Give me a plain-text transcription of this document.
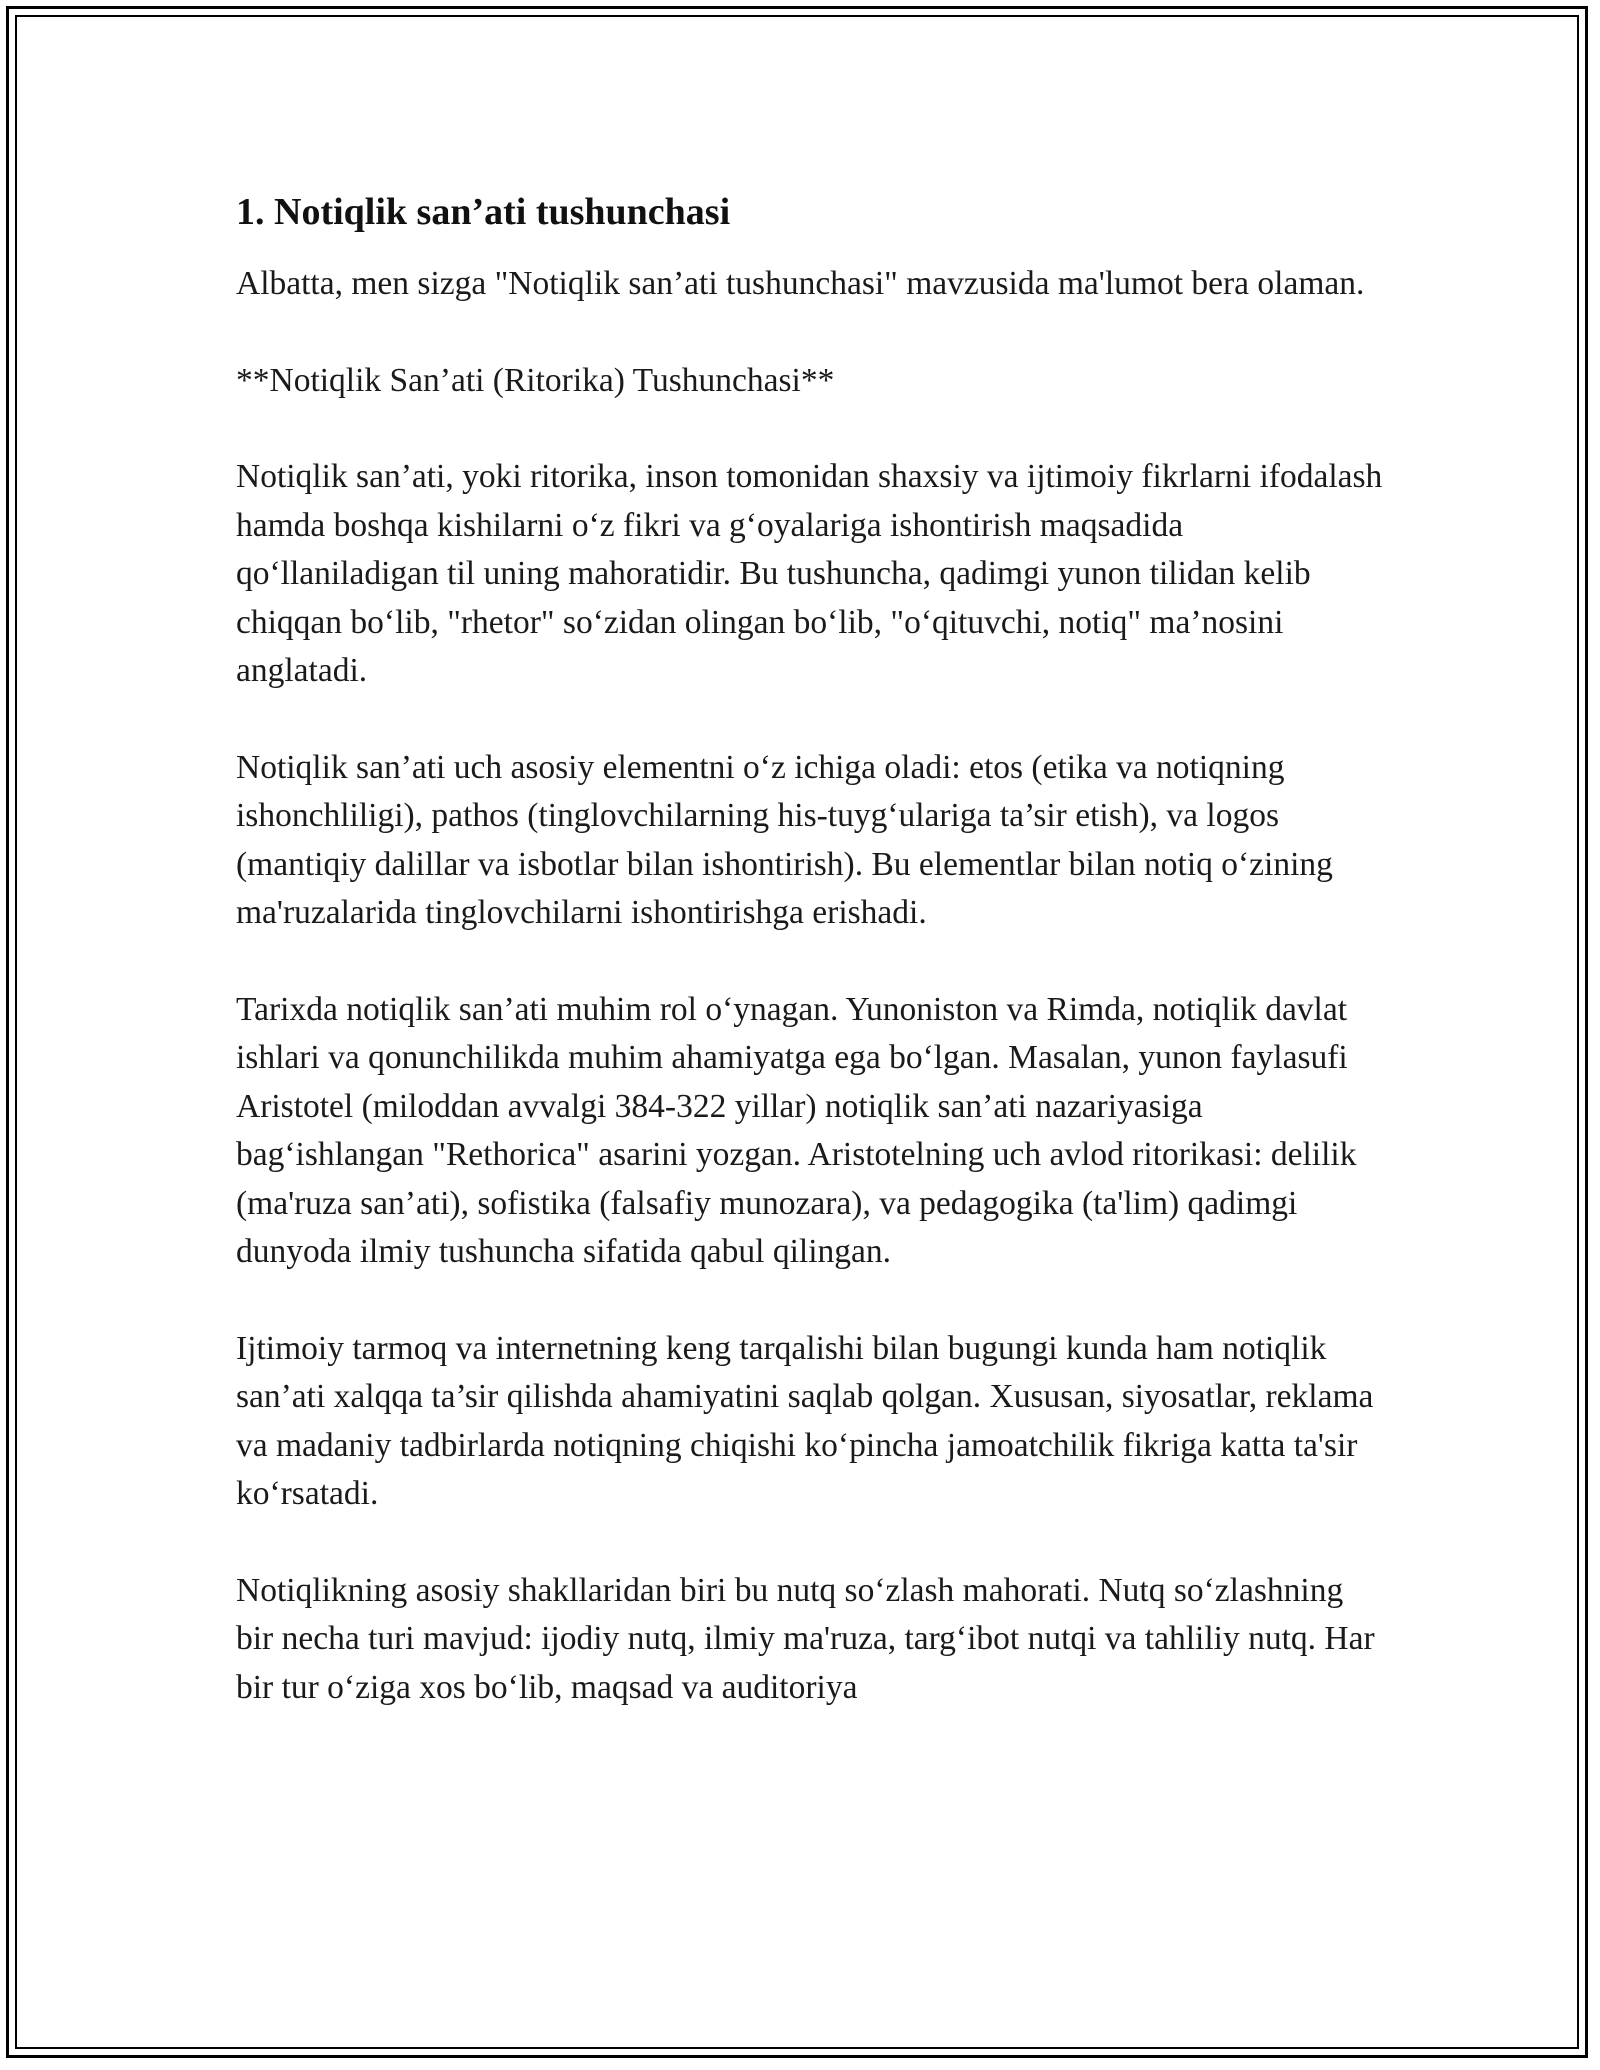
1. Notiqlik san’ati tushunchasi

Albatta, men sizga "Notiqlik san’ati tushunchasi" mavzusida ma'lumot bera olaman.

**Notiqlik San’ati (Ritorika) Tushunchasi**

Notiqlik san’ati, yoki ritorika, inson tomonidan shaxsiy va ijtimoiy fikrlarni ifodalash hamda boshqa kishilarni o‘z fikri va g‘oyalariga ishontirish maqsadida qo‘llaniladigan til uning mahoratidir. Bu tushuncha, qadimgi yunon tilidan kelib chiqqan bo‘lib, "rhetor" so‘zidan olingan bo‘lib, "o‘qituvchi, notiq" ma’nosini anglatadi.

Notiqlik san’ati uch asosiy elementni o‘z ichiga oladi: etos (etika va notiqning ishonchliligi), pathos (tinglovchilarning his-tuyg‘ulariga ta’sir etish), va logos (mantiqiy dalillar va isbotlar bilan ishontirish). Bu elementlar bilan notiq o‘zining ma'ruzalarida tinglovchilarni ishontirishga erishadi.

Tarixda notiqlik san’ati muhim rol o‘ynagan. Yunoniston va Rimda, notiqlik davlat ishlari va qonunchilikda muhim ahamiyatga ega bo‘lgan. Masalan, yunon faylasufi Aristotel (miloddan avvalgi 384-322 yillar) notiqlik san’ati nazariyasiga bag‘ishlangan "Rethorica" asarini yozgan. Aristotelning uch avlod ritorikasi: delilik (ma'ruza san’ati), sofistika (falsafiy munozara), va pedagogika (ta'lim) qadimgi dunyoda ilmiy tushuncha sifatida qabul qilingan.

Ijtimoiy tarmoq va internetning keng tarqalishi bilan bugungi kunda ham notiqlik san’ati xalqqa ta’sir qilishda ahamiyatini saqlab qolgan. Xususan, siyosatlar, reklama va madaniy tadbirlarda notiqning chiqishi ko‘pincha jamoatchilik fikriga katta ta'sir ko‘rsatadi.

Notiqlikning asosiy shakllaridan biri bu nutq so‘zlash mahorati. Nutq so‘zlashning bir necha turi mavjud: ijodiy nutq, ilmiy ma'ruza, targ‘ibot nutqi va tahliliy nutq. Har bir tur o‘ziga xos bo‘lib, maqsad va auditoriya
